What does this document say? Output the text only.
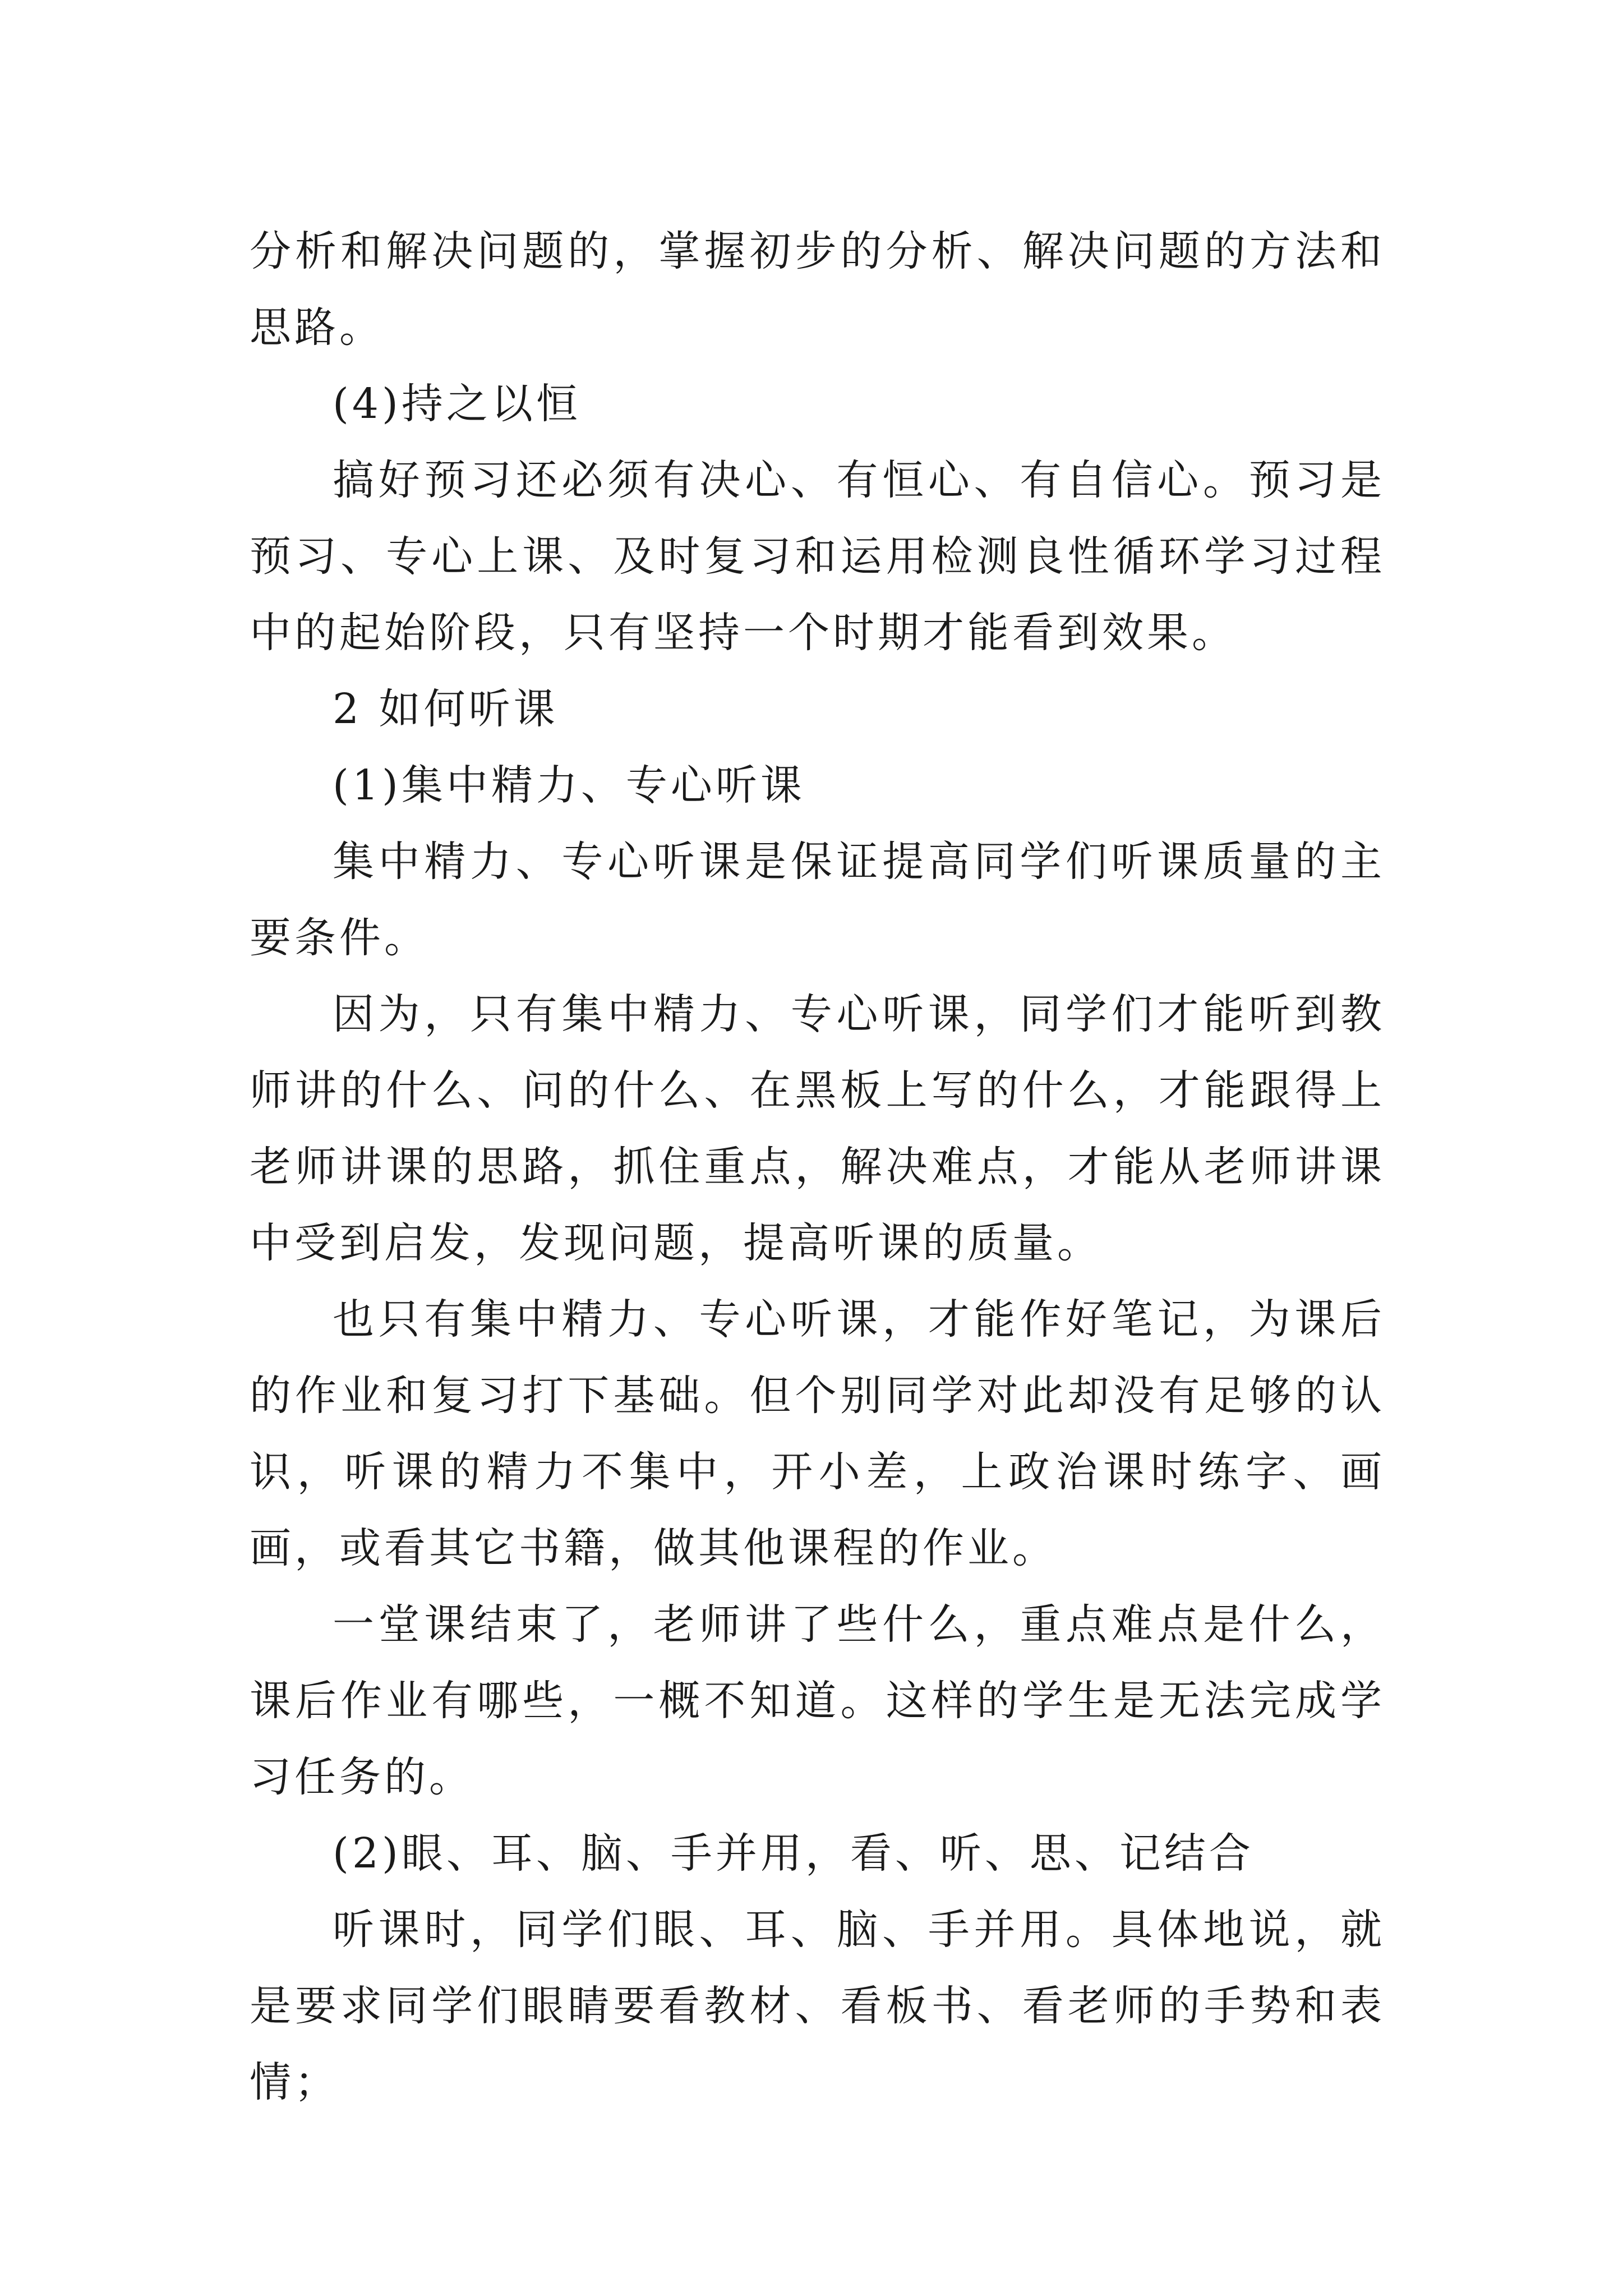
分析和解决问题的，掌握初步的分析、解决问题的方法和思路。

(4)持之以恒

搞好预习还必须有决心、有恒心、有自信心。预习是预习、专心上课、及时复习和运用检测良性循环学习过程中的起始阶段，只有坚持一个时期才能看到效果。

2 如何听课

(1)集中精力、专心听课

集中精力、专心听课是保证提高同学们听课质量的主要条件。

因为，只有集中精力、专心听课，同学们才能听到教师讲的什么、问的什么、在黑板上写的什么，才能跟得上老师讲课的思路，抓住重点，解决难点，才能从老师讲课中受到启发，发现问题，提高听课的质量。

也只有集中精力、专心听课，才能作好笔记，为课后的作业和复习打下基础。但个别同学对此却没有足够的认识，听课的精力不集中，开小差，上政治课时练字、画画，或看其它书籍，做其他课程的作业。

一堂课结束了，老师讲了些什么，重点难点是什么，课后作业有哪些，一概不知道。这样的学生是无法完成学习任务的。

(2)眼、耳、脑、手并用，看、听、思、记结合

听课时，同学们眼、耳、脑、手并用。具体地说，就是要求同学们眼睛要看教材、看板书、看老师的手势和表情；
